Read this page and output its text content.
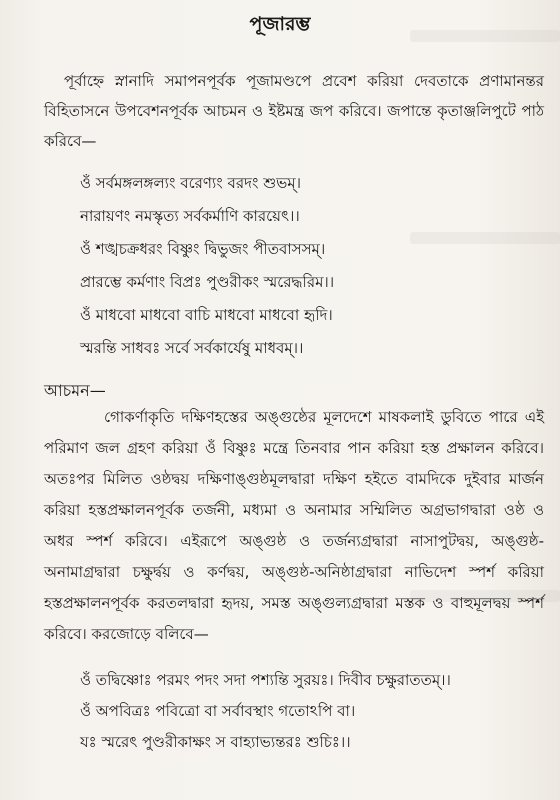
পূজারম্ভ
পূর্বাহ্নে স্নানাদি সমাপনপূর্বক পূজামণ্ডপে প্রবেশ করিয়া দেবতাকে প্রণামানন্তর বিহিতাসনে উপবেশনপূর্বক আচমন ও ইষ্টমন্ত্র জপ করিবে। জপান্তে কৃতাঞ্জলিপুটে পাঠ করিবে—
ওঁ সর্বমঙ্গলঙ্গল্যং বরেণ্যং বরদং শুভম্।
নারায়ণং নমস্কৃত্য সর্বকর্মাণি কারয়েৎ।।
ওঁ শঙ্খচক্রধরং বিষ্ণুং দ্বিভুজং পীতবাসসম্।
প্রারম্ভে কর্মণাং বিপ্রঃ পুণ্ডরীকং স্মরেদ্ধরিম।।
ওঁ মাধবো মাধবো বাচি মাধবো মাধবো হৃদি।
স্মরন্তি সাধবঃ সর্বে সর্বকার্যেষু মাধবম্।।
আচমন—
গোকর্ণাকৃতি দক্ষিণহস্তের অঙ্গুষ্ঠের মূলদেশে মাষকলাই ডুবিতে পারে এই পরিমাণ জল গ্রহণ করিয়া ওঁ বিষ্ণুঃ মন্ত্রে তিনবার পান করিয়া হস্ত প্রক্ষালন করিবে। অতঃপর মিলিত ওষ্ঠদ্বয় দক্ষিণাঙ্গুষ্ঠমূলদ্বারা দক্ষিণ হইতে বামদিকে দুইবার মার্জন করিয়া হস্তপ্রক্ষালনপূর্বক তর্জনী, মধ্যমা ও অনামার সম্মিলিত অগ্রভাগদ্বারা ওষ্ঠ ও অধর স্পর্শ করিবে। এইরূপে অঙ্গুষ্ঠ ও তর্জন্যগ্রদ্বারা নাসাপুটদ্বয়, অঙ্গুষ্ঠ-অনামাগ্রদ্বারা চক্ষুর্দ্বয় ও কর্ণদ্বয়, অঙ্গুষ্ঠ-অনিষ্ঠাগ্রদ্বারা নাভিদেশ স্পর্শ করিয়া হস্তপ্রক্ষালনপূর্বক করতলদ্বারা হৃদয়, সমস্ত অঙ্গুল্যগ্রদ্বারা মস্তক ও বাহুমূলদ্বয় স্পর্শ করিবে। করজোড়ে বলিবে—
ওঁ তদ্বিষ্ণোঃ পরমং পদং সদা পশ্যন্তি সুরয়ঃ। দিবীব চক্ষুরাততম্।।
ওঁ অপবিত্রঃ পবিত্রো বা সর্বাবস্থাং গতোঽপি বা।
যঃ স্মরেৎ পুণ্ডরীকাক্ষং স বাহ্যাভ্যন্তরঃ শুচিঃ।।
